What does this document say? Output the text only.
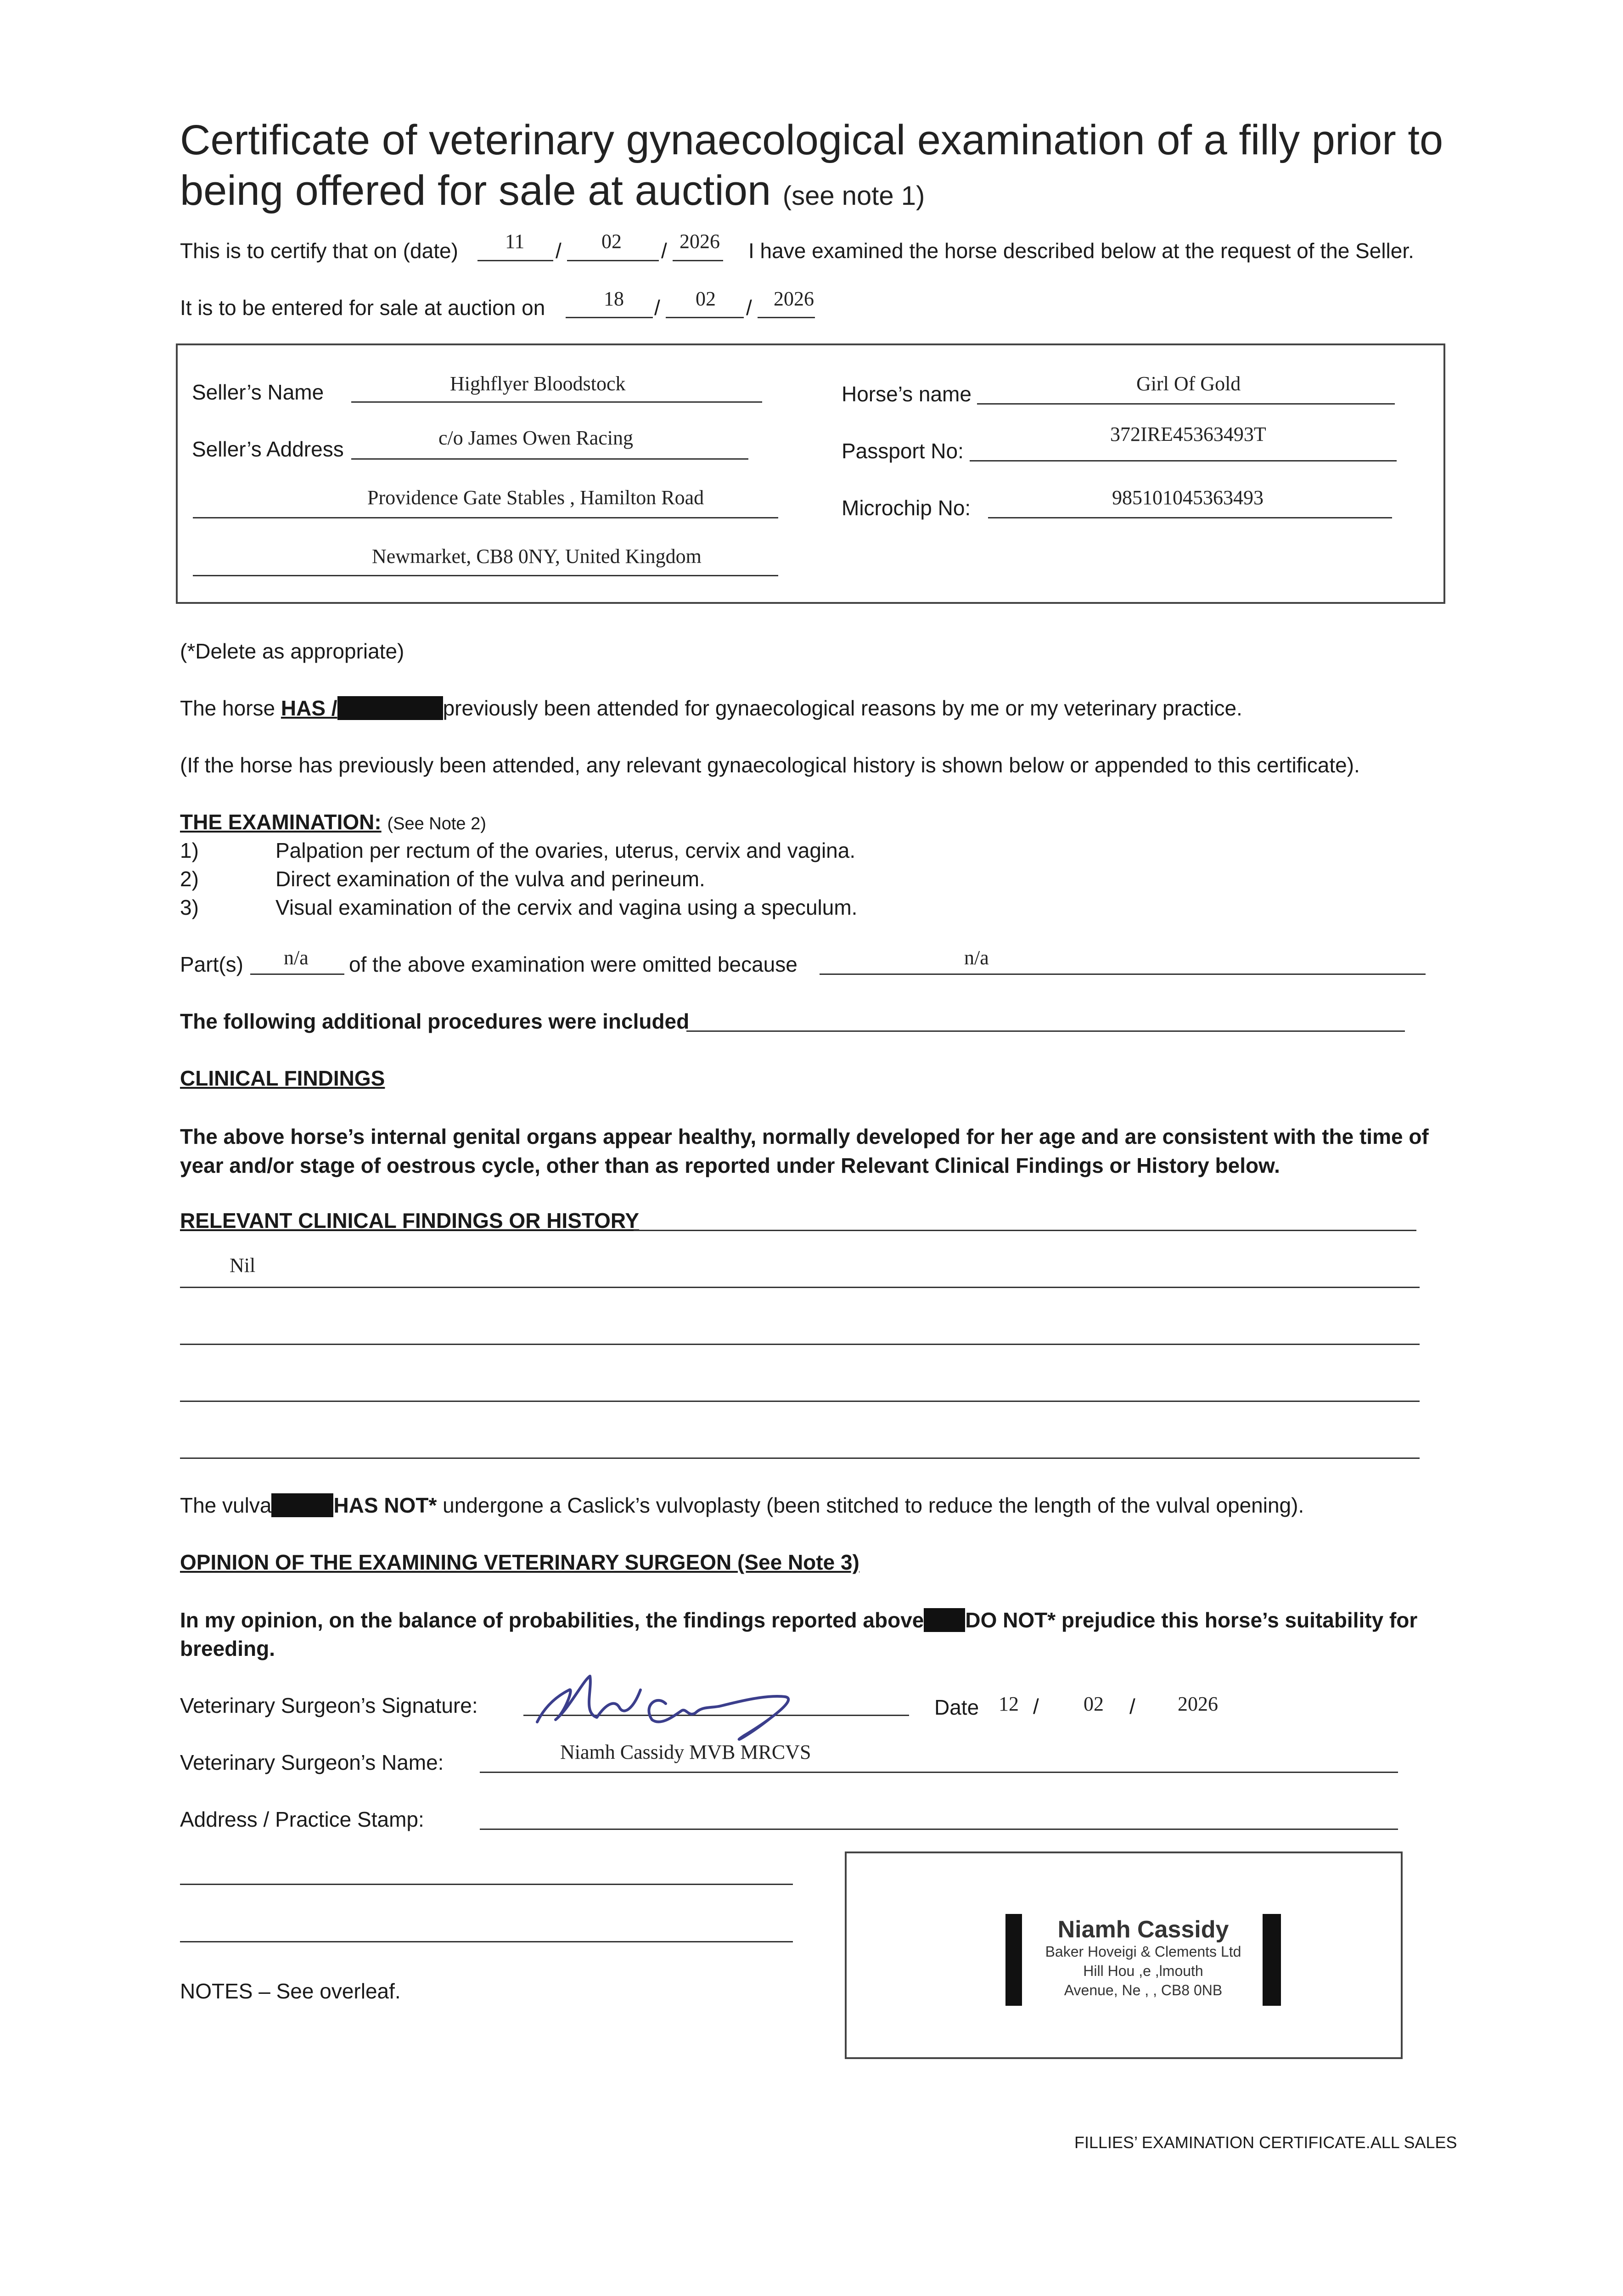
Certificate of veterinary gynaecological examination of a filly prior to being offered for sale at auction (see note 1)
This is to certify that on (date)	/	/
11	02	2026 I have examined the horse described below at the request of the Seller.
It is to be entered for sale at auction on	/	/
18	02	2026
Seller’s Name	Highflyer Bloodstock
Seller’s Address	c/o James Owen Racing
Providence Gate Stables , Hamilton Road
Newmarket, CB8 0NY, United Kingdom
Horse’s name	Girl Of Gold
Passport No:
372IRE45363493T
Microchip No:	985101045363493
(*Delete as appropriate)
The horse HAS /	previously been attended for gynaecological reasons by me or my veterinary practice.
(If the horse has previously been attended, any relevant gynaecological history is shown below or appended to this certificate).
THE EXAMINATION: (See Note 2)
1)	Palpation per rectum of the ovaries, uterus, cervix and vagina.
2)	Direct examination of the vulva and perineum.
3)	Visual examination of the cervix and vagina using a speculum.
Part(s) n/a of the above examination were omitted because	n/a
The following additional procedures were included
CLINICAL FINDINGS
The above horse’s internal genital organs appear healthy, normally developed for her age and are consistent with the time of year and/or stage of oestrous cycle, other than as reported under Relevant Clinical Findings or History below.
RELEVANT CLINICAL FINDINGS OR HISTORY
Nil
The vulva	HAS NOT* undergone a Caslick’s vulvoplasty (been stitched to reduce the length of the vulval opening).
OPINION OF THE EXAMINING VETERINARY SURGEON (See Note 3)
In my opinion, on the balance of probabilities, the findings reported above DO NOT* prejudice this horse’s suitability for
breeding.
Veterinary Surgeon’s Signature:	Date 12 / 02 / 2026
Veterinary Surgeon’s Name:	Niamh Cassidy MVB MRCVS
Address / Practice Stamp:
Niamh Cassidy
Baker Hoveigi & Clements Ltd
Hill Hou ,e ,lmouth
Avenue, Ne , , CB8 0NB
NOTES – See overleaf.
FILLIES’ EXAMINATION CERTIFICATE.ALL SALES
